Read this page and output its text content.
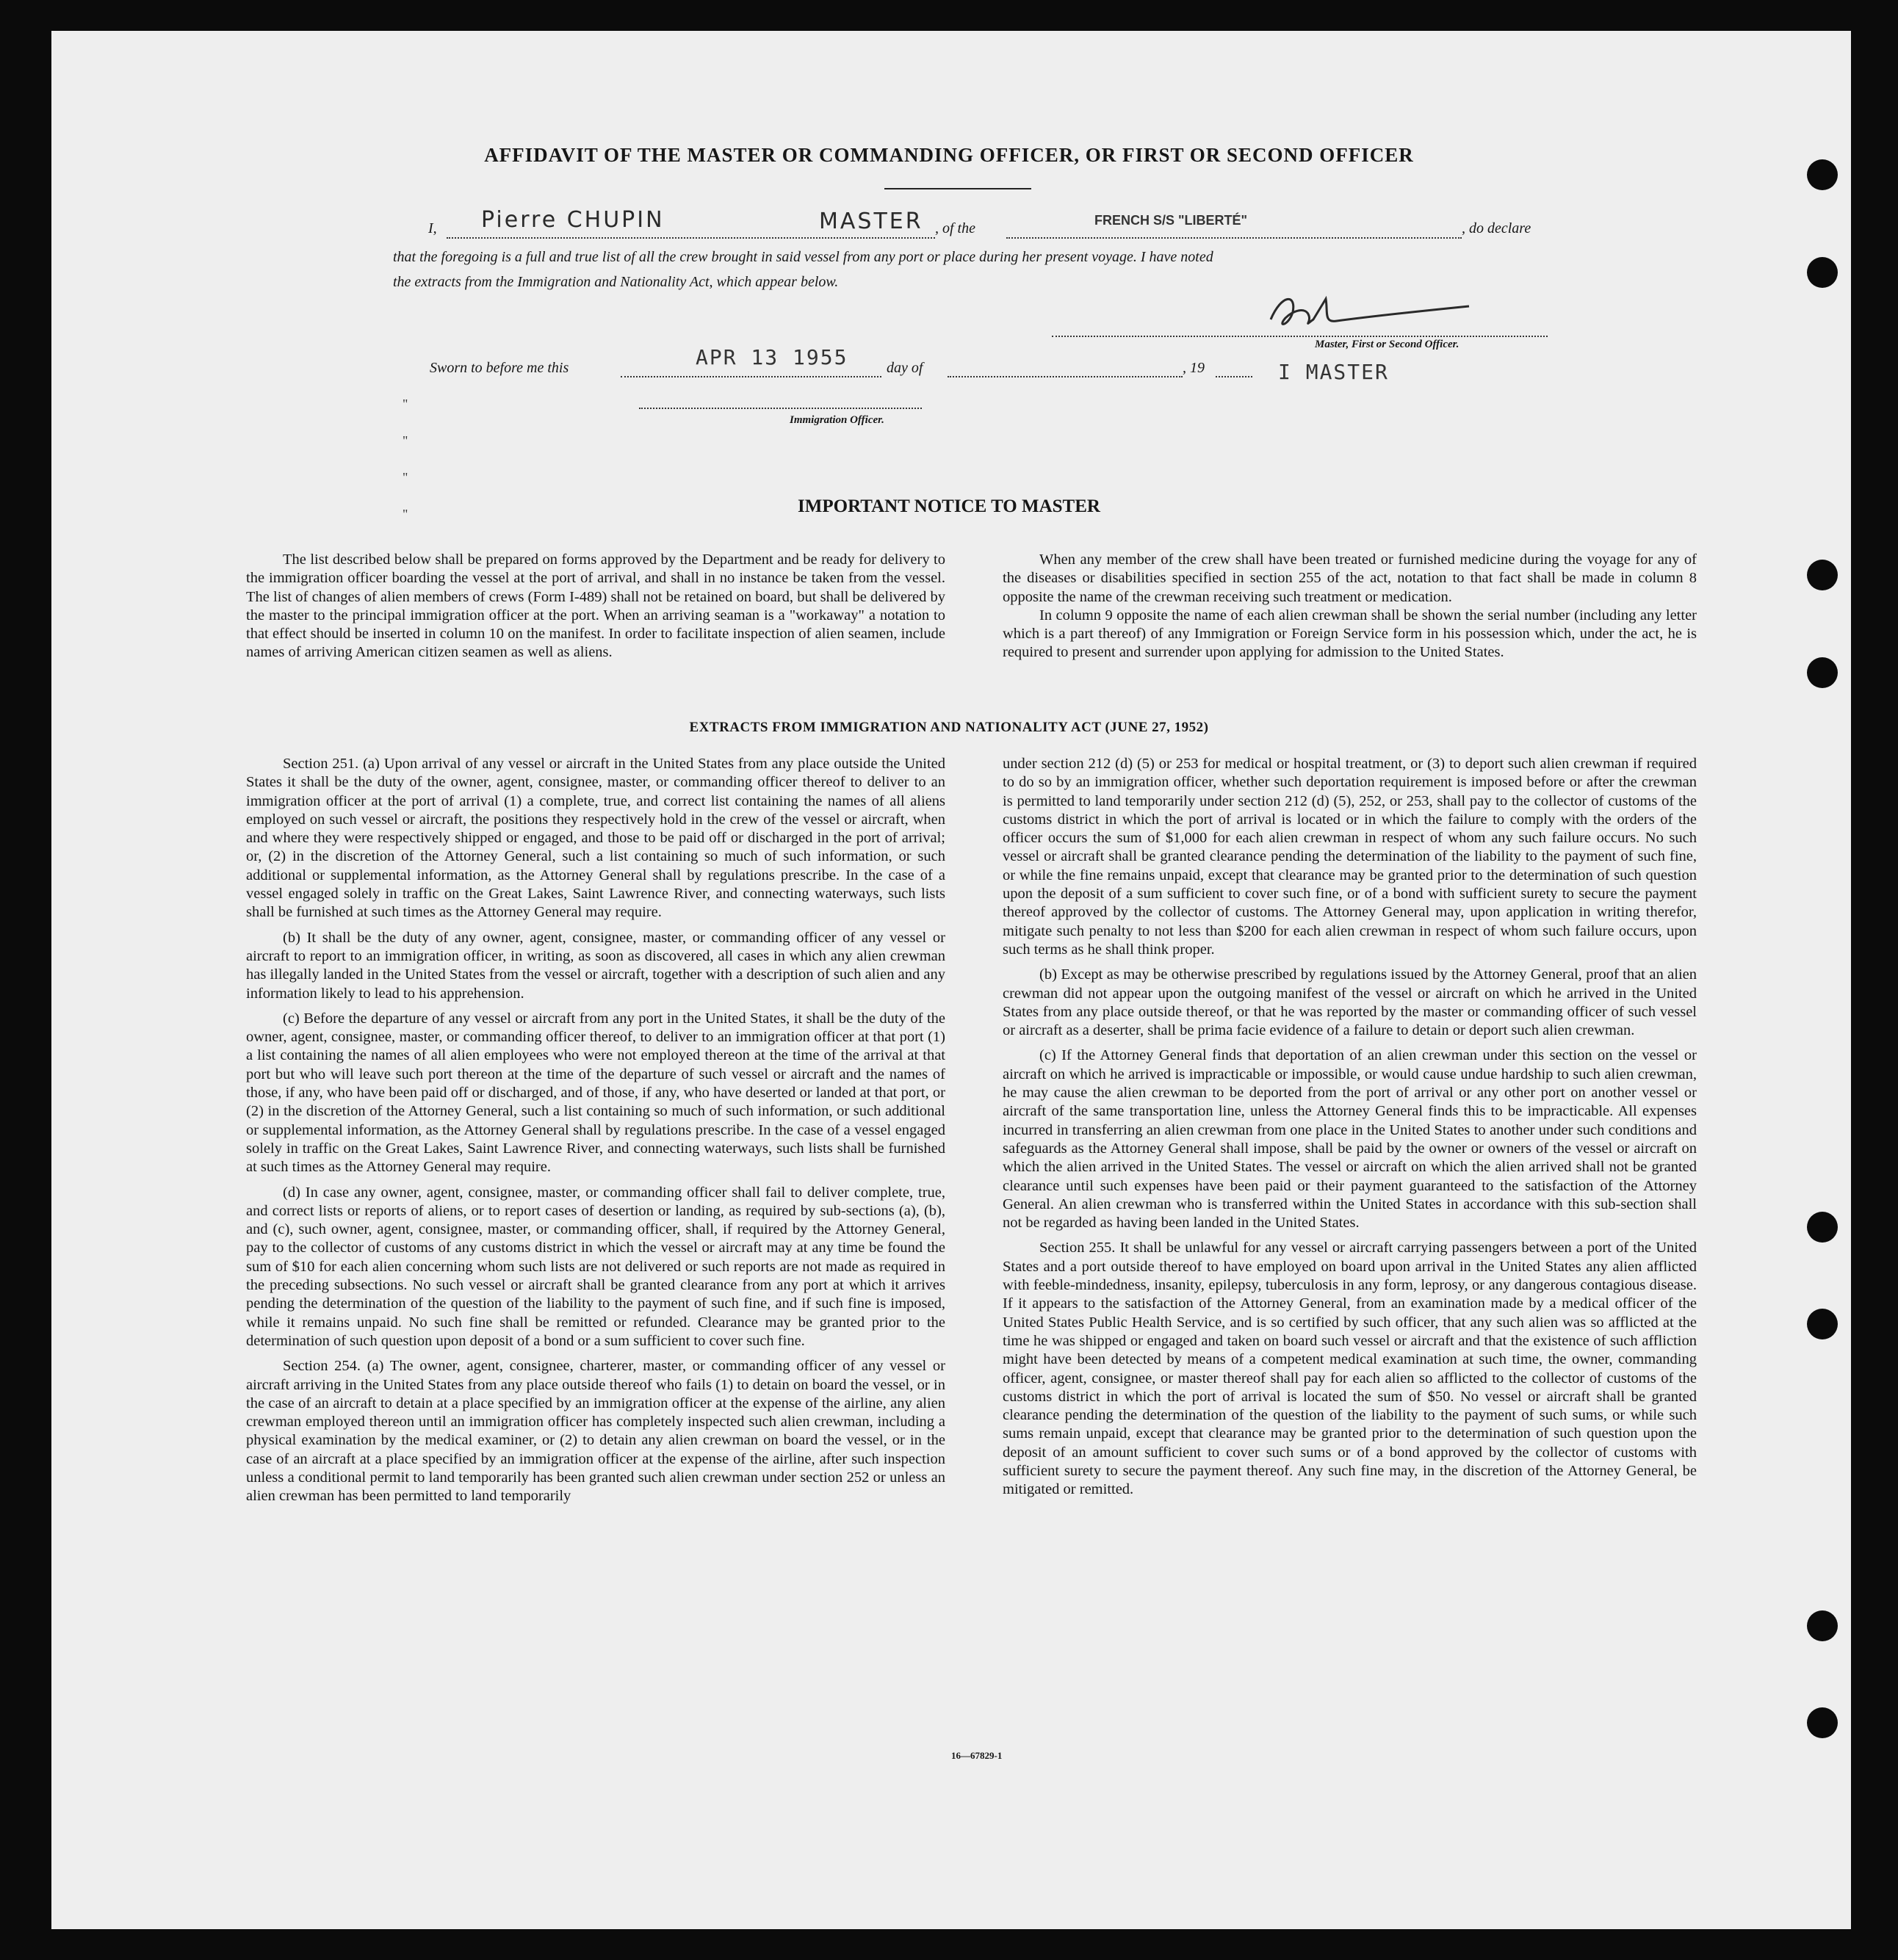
AFFIDAVIT OF THE MASTER OR COMMANDING OFFICER, OR FIRST OR SECOND OFFICER
I, Pierre CHUPIN	MASTER , of the	FRENCH S/S "LIBERTÉ"	, do declare
that the foregoing is a full and true list of all the crew brought in said vessel from any port or place during her present voyage. I have noted
the extracts from the Immigration and Nationality Act, which appear below.
Master, First or Second Officer.
Sworn to before me this	APR 13 1955	day of	, 19	I MASTER
Immigration Officer.
"
"
"
"	IMPORTANT NOTICE TO MASTER

The list described below shall be prepared on forms approved by the Department and be ready for delivery to the immigration officer boarding the vessel at the port of arrival, and shall in no instance be taken from the vessel. The list of changes of alien members of crews (Form I-489) shall not be retained on board, but shall be delivered by the master to the principal immigration officer at the port. When an arriving seaman is a "workaway" a notation to that effect should be inserted in column 10 on the manifest. In order to facilitate inspection of alien seamen, include names of arriving American citizen seamen as well as aliens.

When any member of the crew shall have been treated or furnished medicine during the voyage for any of the diseases or disabilities specified in section 255 of the act, notation to that fact shall be made in column 8 opposite the name of the crewman receiving such treatment or medication.

In column 9 opposite the name of each alien crewman shall be shown the serial number (including any letter which is a part thereof) of any Immigration or Foreign Service form in his possession which, under the act, he is required to present and surrender upon applying for admission to the United States.

EXTRACTS FROM IMMIGRATION AND NATIONALITY ACT (JUNE 27, 1952)

Section 251. (a) Upon arrival of any vessel or aircraft in the United States from any place outside the United States it shall be the duty of the owner, agent, consignee, master, or commanding officer thereof to deliver to an immigration officer at the port of arrival (1) a complete, true, and correct list containing the names of all aliens employed on such vessel or aircraft, the positions they respectively hold in the crew of the vessel or aircraft, when and where they were respectively shipped or engaged, and those to be paid off or discharged in the port of arrival; or, (2) in the discretion of the Attorney General, such a list containing so much of such information, or such additional or supplemental information, as the Attorney General shall by regulations prescribe. In the case of a vessel engaged solely in traffic on the Great Lakes, Saint Lawrence River, and connecting waterways, such lists shall be furnished at such times as the Attorney General may require.

(b) It shall be the duty of any owner, agent, consignee, master, or commanding officer of any vessel or aircraft to report to an immigration officer, in writing, as soon as discovered, all cases in which any alien crewman has illegally landed in the United States from the vessel or aircraft, together with a description of such alien and any information likely to lead to his apprehension.

(c) Before the departure of any vessel or aircraft from any port in the United States, it shall be the duty of the owner, agent, consignee, master, or commanding officer thereof, to deliver to an immigration officer at that port (1) a list containing the names of all alien employees who were not employed thereon at the time of the arrival at that port but who will leave such port thereon at the time of the departure of such vessel or aircraft and the names of those, if any, who have been paid off or discharged, and of those, if any, who have deserted or landed at that port, or (2) in the discretion of the Attorney General, such a list containing so much of such information, or such additional or supplemental information, as the Attorney General shall by regulations prescribe. In the case of a vessel engaged solely in traffic on the Great Lakes, Saint Lawrence River, and connecting waterways, such lists shall be furnished at such times as the Attorney General may require.

(d) In case any owner, agent, consignee, master, or commanding officer shall fail to deliver complete, true, and correct lists or reports of aliens, or to report cases of desertion or landing, as required by sub-sections (a), (b), and (c), such owner, agent, consignee, master, or commanding officer, shall, if required by the Attorney General, pay to the collector of customs of any customs district in which the vessel or aircraft may at any time be found the sum of $10 for each alien concerning whom such lists are not delivered or such reports are not made as required in the preceding subsections. No such vessel or aircraft shall be granted clearance from any port at which it arrives pending the determination of the question of the liability to the payment of such fine, and if such fine is imposed, while it remains unpaid. No such fine shall be remitted or refunded. Clearance may be granted prior to the determination of such question upon deposit of a bond or a sum sufficient to cover such fine.

Section 254. (a) The owner, agent, consignee, charterer, master, or commanding officer of any vessel or aircraft arriving in the United States from any place outside thereof who fails (1) to detain on board the vessel, or in the case of an aircraft to detain at a place specified by an immigration officer at the expense of the airline, any alien crewman employed thereon until an immigration officer has completely inspected such alien crewman, including a physical examination by the medical examiner, or (2) to detain any alien crewman on board the vessel, or in the case of an aircraft at a place specified by an immigration officer at the expense of the airline, after such inspection unless a conditional permit to land temporarily has been granted such alien crewman under section 252 or unless an alien crewman has been permitted to land temporarily

under section 212 (d) (5) or 253 for medical or hospital treatment, or (3) to deport such alien crewman if required to do so by an immigration officer, whether such deportation requirement is imposed before or after the crewman is permitted to land temporarily under section 212 (d) (5), 252, or 253, shall pay to the collector of customs of the customs district in which the port of arrival is located or in which the failure to comply with the orders of the officer occurs the sum of $1,000 for each alien crewman in respect of whom any such failure occurs. No such vessel or aircraft shall be granted clearance pending the determination of the liability to the payment of such fine, or while the fine remains unpaid, except that clearance may be granted prior to the determination of such question upon the deposit of a sum sufficient to cover such fine, or of a bond with sufficient surety to secure the payment thereof approved by the collector of customs. The Attorney General may, upon application in writing therefor, mitigate such penalty to not less than $200 for each alien crewman in respect of whom such failure occurs, upon such terms as he shall think proper.

(b) Except as may be otherwise prescribed by regulations issued by the Attorney General, proof that an alien crewman did not appear upon the outgoing manifest of the vessel or aircraft on which he arrived in the United States from any place outside thereof, or that he was reported by the master or commanding officer of such vessel or aircraft as a deserter, shall be prima facie evidence of a failure to detain or deport such alien crewman.

(c) If the Attorney General finds that deportation of an alien crewman under this section on the vessel or aircraft on which he arrived is impracticable or impossible, or would cause undue hardship to such alien crewman, he may cause the alien crewman to be deported from the port of arrival or any other port on another vessel or aircraft of the same transportation line, unless the Attorney General finds this to be impracticable. All expenses incurred in transferring an alien crewman from one place in the United States to another under such conditions and safeguards as the Attorney General shall impose, shall be paid by the owner or owners of the vessel or aircraft on which the alien arrived in the United States. The vessel or aircraft on which the alien arrived shall not be granted clearance until such expenses have been paid or their payment guaranteed to the satisfaction of the Attorney General. An alien crewman who is transferred within the United States in accordance with this sub-section shall not be regarded as having been landed in the United States.

Section 255. It shall be unlawful for any vessel or aircraft carrying passengers between a port of the United States and a port outside thereof to have employed on board upon arrival in the United States any alien afflicted with feeble-mindedness, insanity, epilepsy, tuberculosis in any form, leprosy, or any dangerous contagious disease. If it appears to the satisfaction of the Attorney General, from an examination made by a medical officer of the United States Public Health Service, and is so certified by such officer, that any such alien was so afflicted at the time he was shipped or engaged and taken on board such vessel or aircraft and that the existence of such affliction might have been detected by means of a competent medical examination at such time, the owner, commanding officer, agent, consignee, or master thereof shall pay for each alien so afflicted to the collector of customs of the customs district in which the port of arrival is located the sum of $50. No vessel or aircraft shall be granted clearance pending the determination of the question of the liability to the payment of such sums, or while such sums remain unpaid, except that clearance may be granted prior to the determination of such question upon the deposit of an amount sufficient to cover such sums or of a bond approved by the collector of customs with sufficient surety to secure the payment thereof. Any such fine may, in the discretion of the Attorney General, be mitigated or remitted.

16—67829-1
